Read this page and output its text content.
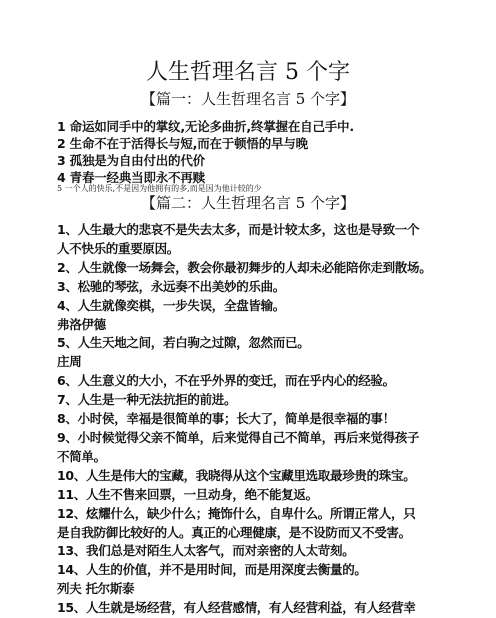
人生哲理名言 5 个字
【篇一：人生哲理名言 5 个字】
1 命运如同手中的掌纹,无论多曲折,终掌握在自己手中.
2 生命不在于活得长与短,而在于顿悟的早与晚
3 孤独是为自由付出的代价
4 青春一经典当即永不再赎
5 一个人的快乐,不是因为他拥有的多,而是因为他计较的少
【篇二：人生哲理名言 5 个字】
1、人生最大的悲哀不是失去太多，而是计较太多，这也是导致一个
人不快乐的重要原因。
2、人生就像一场舞会，教会你最初舞步的人却未必能陪你走到散场。
3、松驰的琴弦，永远奏不出美妙的乐曲。
4、人生就像奕棋，一步失误，全盘皆输。
弗洛伊德
5、人生天地之间，若白驹之过隙，忽然而已。
庄周
6、人生意义的大小，不在乎外界的变迁，而在乎内心的经验。
7、人生是一种无法抗拒的前进。
8、小时侯，幸福是很简单的事；长大了，简单是很幸福的事！
9、小时候觉得父亲不简单，后来觉得自己不简单，再后来觉得孩子
不简单。
10、人生是伟大的宝藏，我晓得从这个宝藏里选取最珍贵的珠宝。
11、人生不售来回票，一旦动身，绝不能复返。
12、炫耀什么，缺少什么；掩饰什么，自卑什么。所谓正常人，只
是自我防御比较好的人。真正的心理健康，是不设防而又不受害。
13、我们总是对陌生人太客气，而对亲密的人太苛刻。
14、人生的价值，并不是用时间，而是用深度去衡量的。
列夫 托尔斯泰
15、人生就是场经营，有人经营感情，有人经营利益，有人经营幸
